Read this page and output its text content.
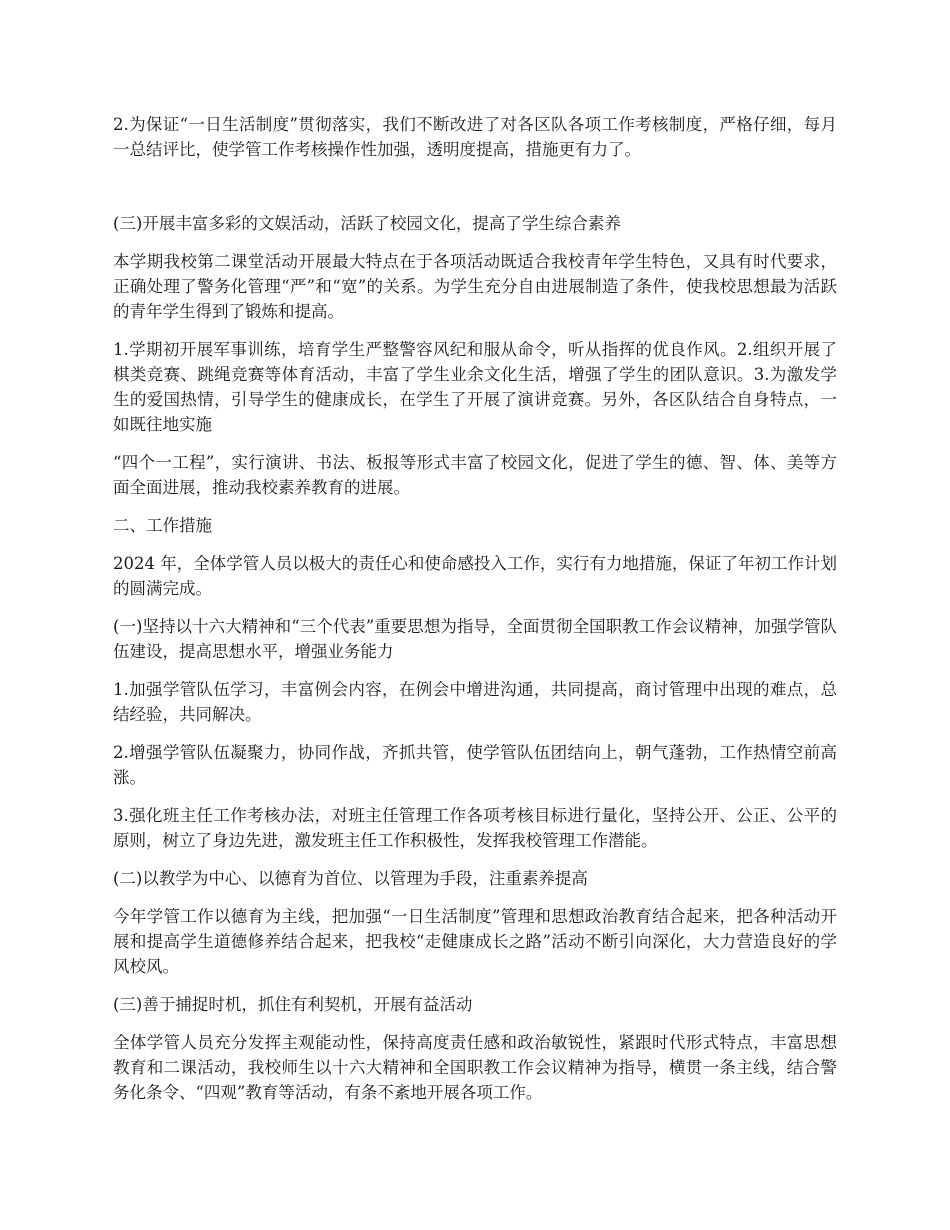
2.为保证“一日生活制度”贯彻落实，我们不断改进了对各区队各项工作考核制度，严格仔细，每月一总结评比，使学管工作考核操作性加强，透明度提高，措施更有力了。

(三)开展丰富多彩的文娱活动，活跃了校园文化，提高了学生综合素养

本学期我校第二课堂活动开展最大特点在于各项活动既适合我校青年学生特色，又具有时代要求，正确处理了警务化管理“严”和“宽”的关系。为学生充分自由进展制造了条件，使我校思想最为活跃的青年学生得到了锻炼和提高。

1.学期初开展军事训练，培育学生严整警容风纪和服从命令，听从指挥的优良作风。2.组织开展了棋类竞赛、跳绳竞赛等体育活动，丰富了学生业余文化生活，增强了学生的团队意识。3.为激发学生的爱国热情，引导学生的健康成长，在学生了开展了演讲竞赛。另外，各区队结合自身特点，一如既往地实施

“四个一工程”，实行演讲、书法、板报等形式丰富了校园文化，促进了学生的德、智、体、美等方面全面进展，推动我校素养教育的进展。

二、工作措施

2024 年，全体学管人员以极大的责任心和使命感投入工作，实行有力地措施，保证了年初工作计划的圆满完成。

(一)坚持以十六大精神和“三个代表”重要思想为指导，全面贯彻全国职教工作会议精神，加强学管队伍建设，提高思想水平，增强业务能力

1.加强学管队伍学习，丰富例会内容，在例会中增进沟通，共同提高，商讨管理中出现的难点，总结经验，共同解决。

2.增强学管队伍凝聚力，协同作战，齐抓共管，使学管队伍团结向上，朝气蓬勃，工作热情空前高涨。

3.强化班主任工作考核办法，对班主任管理工作各项考核目标进行量化，坚持公开、公正、公平的原则，树立了身边先进，激发班主任工作积极性，发挥我校管理工作潜能。

(二)以教学为中心、以德育为首位、以管理为手段，注重素养提高

今年学管工作以德育为主线，把加强“一日生活制度”管理和思想政治教育结合起来，把各种活动开展和提高学生道德修养结合起来，把我校“走健康成长之路”活动不断引向深化，大力营造良好的学风校风。

(三)善于捕捉时机，抓住有利契机，开展有益活动

全体学管人员充分发挥主观能动性，保持高度责任感和政治敏锐性，紧跟时代形式特点，丰富思想教育和二课活动，我校师生以十六大精神和全国职教工作会议精神为指导，横贯一条主线，结合警务化条令、“四观”教育等活动，有条不紊地开展各项工作。
